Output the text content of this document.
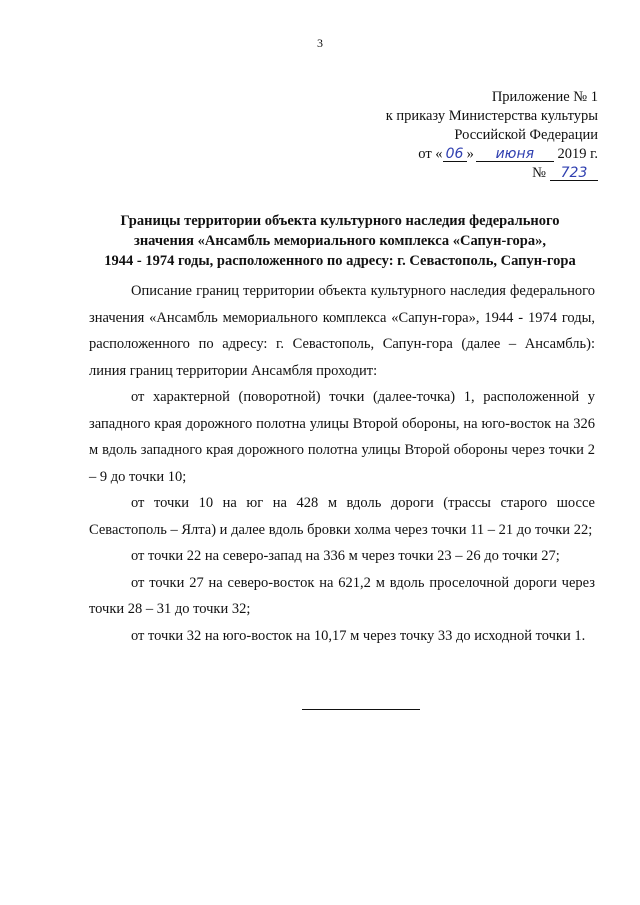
3
Приложение № 1
к приказу Министерства культуры
Российской Федерации
от « 06 » июня 2019 г.
№ 723
Границы территории объекта культурного наследия федерального
значения «Ансамбль мемориального комплекса «Сапун-гора»,
1944 - 1974 годы, расположенного по адресу: г. Севастополь, Сапун-гора

Описание границ территории объекта культурного наследия федерального значения «Ансамбль мемориального комплекса «Сапун-гора», 1944 - 1974 годы, расположенного по адресу: г. Севастополь, Сапун-гора (далее – Ансамбль): линия границ территории Ансамбля проходит:

от характерной (поворотной) точки (далее-точка) 1, расположенной у западного края дорожного полотна улицы Второй обороны, на юго-восток на 326 м вдоль западного края дорожного полотна улицы Второй обороны через точки 2 – 9 до точки 10;

от точки 10 на юг на 428 м вдоль дороги (трассы старого шоссе Севастополь – Ялта) и далее вдоль бровки холма через точки 11 – 21 до точки 22;

от точки 22 на северо-запад на 336 м через точки 23 – 26 до точки 27;

от точки 27 на северо-восток на 621,2 м вдоль проселочной дороги через точки 28 – 31 до точки 32;

от точки 32 на юго-восток на 10,17 м через точку 33 до исходной точки 1.
